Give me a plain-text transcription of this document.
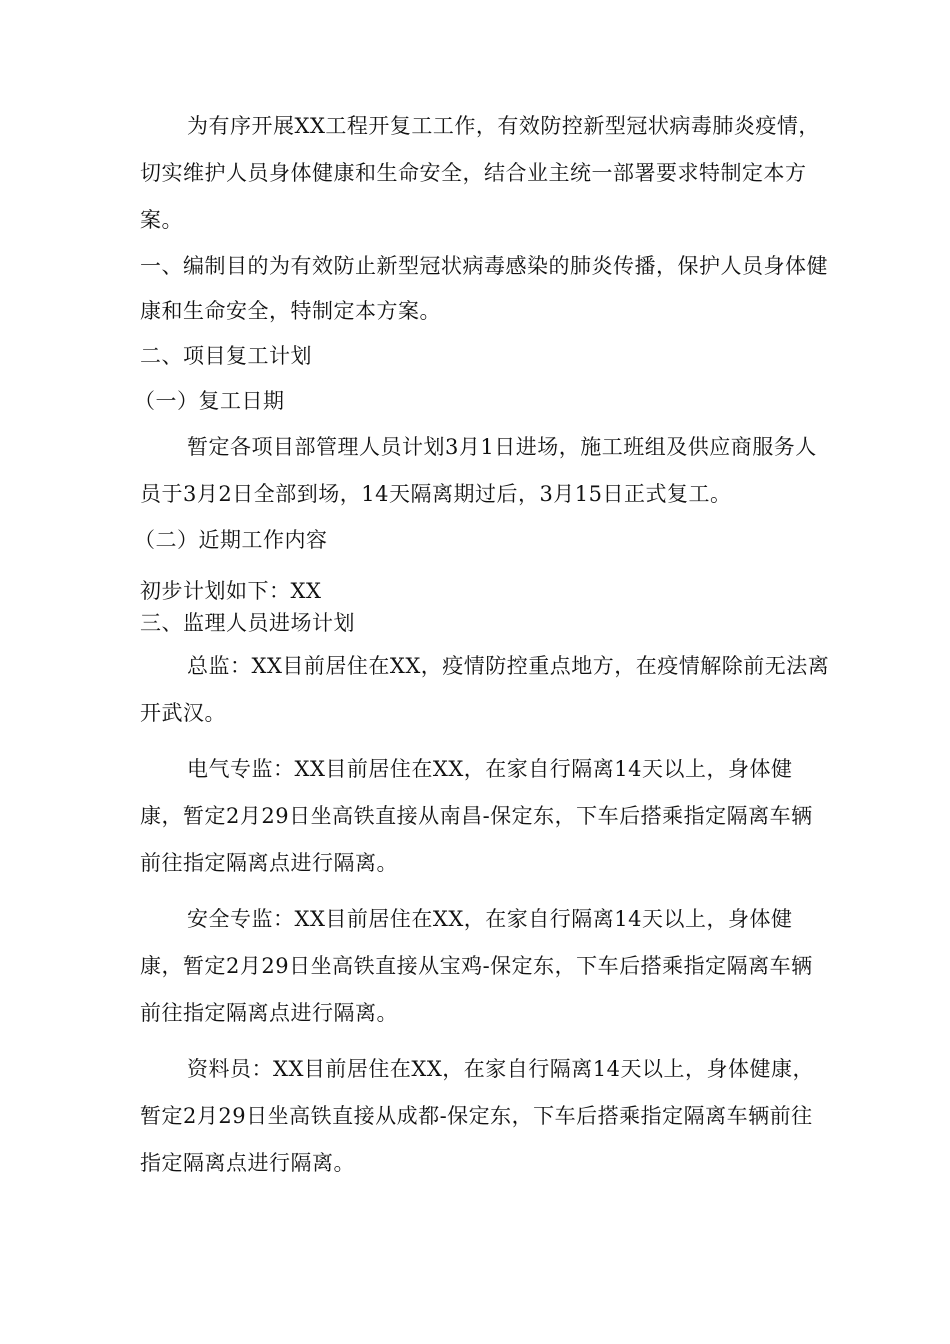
为有序开展XX工程开复工工作，有效防控新型冠状病毒肺炎疫情，切实维护人员身体健康和生命安全，结合业主统一部署要求特制定本方案。

一、编制目的为有效防止新型冠状病毒感染的肺炎传播，保护人员身体健康和生命安全，特制定本方案。

二、项目复工计划

（一）复工日期

暂定各项目部管理人员计划3月1日进场，施工班组及供应商服务人员于3月2日全部到场，14天隔离期过后，3月15日正式复工。

（二）近期工作内容

初步计划如下：XX

三、监理人员进场计划

总监：XX目前居住在XX，疫情防控重点地方，在疫情解除前无法离开武汉。

电气专监：XX目前居住在XX，在家自行隔离14天以上，身体健康，暂定2月29日坐高铁直接从南昌-保定东，下车后搭乘指定隔离车辆前往指定隔离点进行隔离。

安全专监：XX目前居住在XX，在家自行隔离14天以上，身体健康，暂定2月29日坐高铁直接从宝鸡-保定东，下车后搭乘指定隔离车辆前往指定隔离点进行隔离。

资料员：XX目前居住在XX，在家自行隔离14天以上，身体健康，暂定2月29日坐高铁直接从成都-保定东，下车后搭乘指定隔离车辆前往指定隔离点进行隔离。
